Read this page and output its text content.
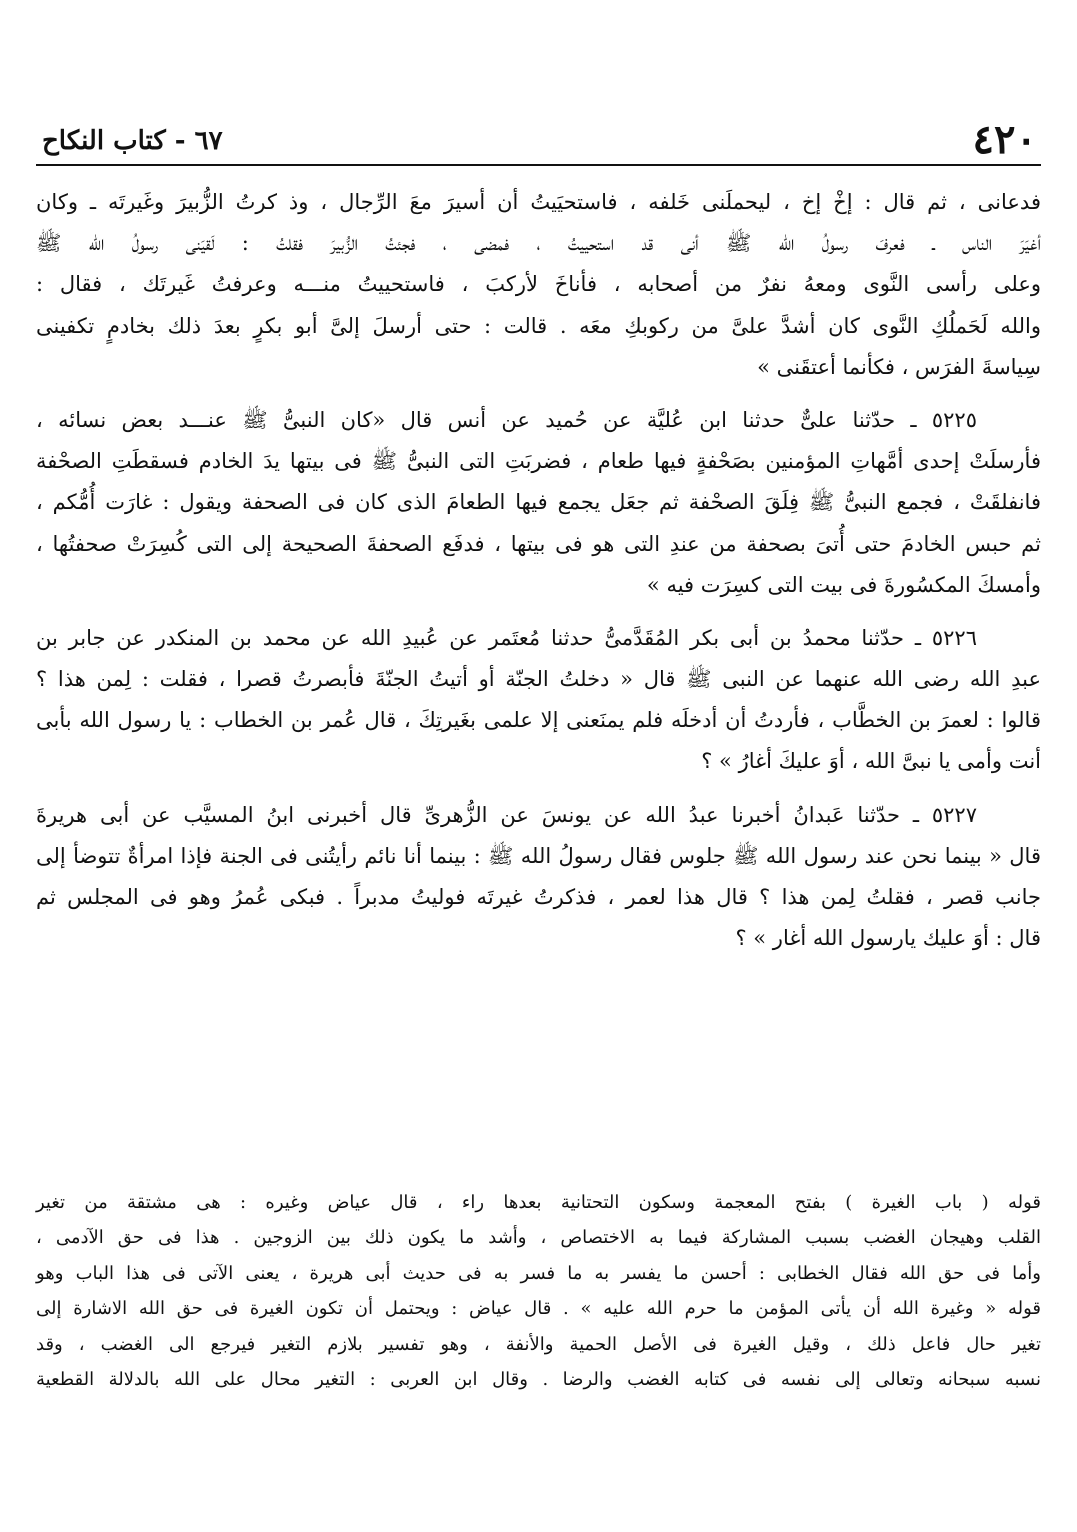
٤٢٠
٦٧ - كتاب النكاح
فدعانى ، ثم قال : إخْ إخ ، ليحملَنى خَلفه ، فاستحيَيتُ أن أسيرَ معَ الرِّجال ، وذ كرتُ الزُّبيرَ وغَيرتَه ـ وكان
أغيَرَ الناس ـ فعرفَ رسولُ الله ﷺ أنى قد استحييتُ ، فمضى ، فجئتُ الزُّبيرَ فقلتُ : لَقيَنى رسولُ الله ﷺ
وعلى رأسى النَّوى ومعهُ نفرٌ من أصحابه ، فأناخَ لأركبَ ، فاستحييتُ منـــه وعرفتُ غَيرتَك ، فقال :
والله لَحَملُكِ النَّوى كان أشدَّ علىَّ من ركوبكِ معَه . قالت : حتى أرسلَ إلىَّ أبو بكرٍ بعدَ ذلك بخادمٍ تكفينى
سِياسةَ الفرَس ، فكأنما أعتقَنى »
٥٢٢٥ ـ حدّثنا علىٌّ حدثنا ابن عُليَّة عن حُميد عن أنس قال «كان النبىُّ ﷺ عنـــد بعض نسائه ،
فأرسلَتْ إحدى أمَّهاتِ المؤمنين بصَحْفةٍ فيها طعام ، فضربَتِ التى النبىُّ ﷺ فى بيتها يدَ الخادم فسقطَتِ الصحْفة
فانفلقَتْ ، فجمع النبىُّ ﷺ فِلَقَ الصحْفة ثم جعَل يجمع فيها الطعامَ الذى كان فى الصحفة ويقول : غارَت أُمُّكم ،
ثم حبس الخادمَ حتى أُتىَ بصحفة من عندِ التى هو فى بيتها ، فدفَع الصحفةَ الصحيحة إلى التى كُسِرَتْ صحفتُها ،
وأمسكَ المكسُورةَ فى بيت التى كسِرَت فيه »
٥٢٢٦ ـ حدّثنا محمدُ بن أبى بكر المُقَدَّمىُّ حدثنا مُعتَمر عن عُبيدِ الله عن محمد بن المنكدر عن جابر بن
عبدِ الله رضى الله عنهما عن النبى ﷺ قال « دخلتُ الجنّة أو أتيتُ الجنّةَ فأبصرتُ قصرا ، فقلت : لِمن هذا ؟
قالوا : لعمرَ بن الخطَّاب ، فأردتُ أن أدخلَه فلم يمنَعنى إلا علمى بغَيرتِكَ ، قال عُمر بن الخطاب : يا رسول الله بأبى
أنت وأمى يا نبىَّ الله ، أوَ عليكَ أغارُ » ؟
٥٢٢٧ ـ حدّثنا عَبدانُ أخبرنا عبدُ الله عن يونسَ عن الزُّهرىِّ قال أخبرنى ابنُ المسيَّب عن أبى هريرةَ
قال « بينما نحن عند رسول الله ﷺ جلوس فقال رسولُ الله ﷺ : بينما أنا نائم رأيتُنى فى الجنة فإذا امرأةٌ تتوضأ إلى
جانب قصر ، فقلتُ لِمن هذا ؟ قال هذا لعمر ، فذكرتُ غيرتَه فوليتُ مدبراً . فبكى عُمرُ وهو فى المجلس ثم
قال : أوَ عليك يارسول الله أغار » ؟
قوله ( باب الغيرة ) بفتح المعجمة وسكون التحتانية بعدها راء ، قال عياض وغيره : هى مشتقة من تغير
القلب وهيجان الغضب بسبب المشاركة فيما به الاختصاص ، وأشد ما يكون ذلك بين الزوجين . هذا فى حق الآدمى ،
وأما فى حق الله فقال الخطابى : أحسن ما يفسر به ما فسر به فى حديث أبى هريرة ، يعنى الآتى فى هذا الباب وهو
قوله « وغيرة الله أن يأتى المؤمن ما حرم الله عليه » . قال عياض : ويحتمل أن تكون الغيرة فى حق الله الاشارة إلى
تغير حال فاعل ذلك ، وقيل الغيرة فى الأصل الحمية والأنفة ، وهو تفسير بلازم التغير فيرجع الى الغضب ، وقد
نسبه سبحانه وتعالى إلى نفسه فى كتابه الغضب والرضا . وقال ابن العربى : التغير محال على الله بالدلالة القطعية
